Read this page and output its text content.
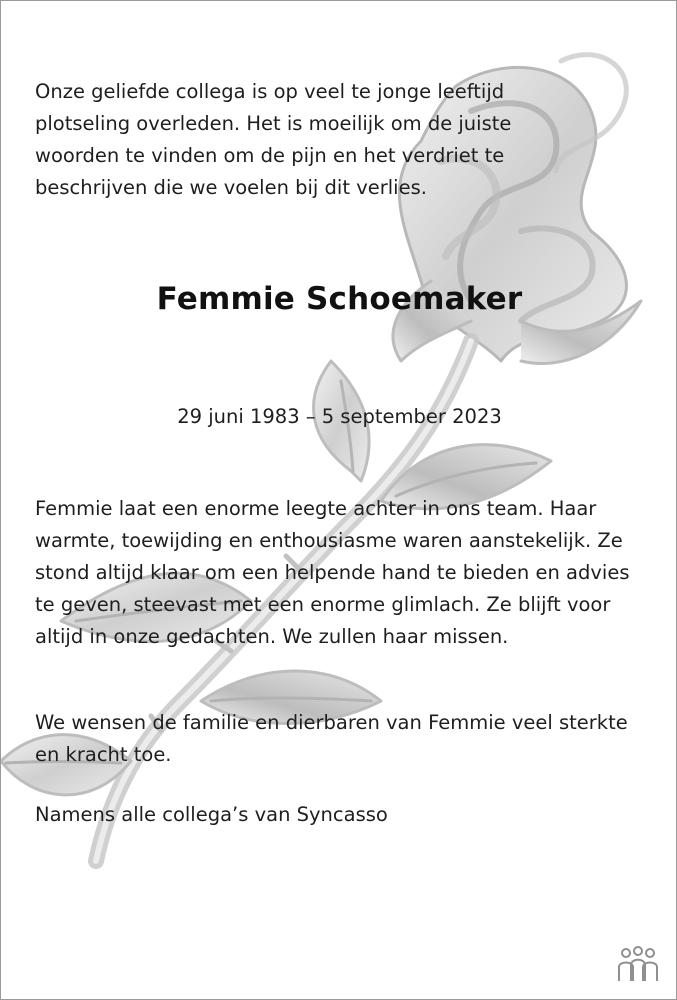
Onze geliefde collega is op veel te jonge leeftijd plotseling overleden. Het is moeilijk om de juiste woorden te vinden om de pijn en het verdriet te beschrijven die we voelen bij dit verlies.

Femmie Schoemaker

29 juni 1983 – 5 september 2023

Femmie laat een enorme leegte achter in ons team. Haar warmte, toewijding en enthousiasme waren aanstekelijk. Ze stond altijd klaar om een helpende hand te bieden en advies te geven, steevast met een enorme glimlach. Ze blijft voor altijd in onze gedachten. We zullen haar missen.

We wensen de familie en dierbaren van Femmie veel sterkte en kracht toe.

Namens alle collega’s van Syncasso
